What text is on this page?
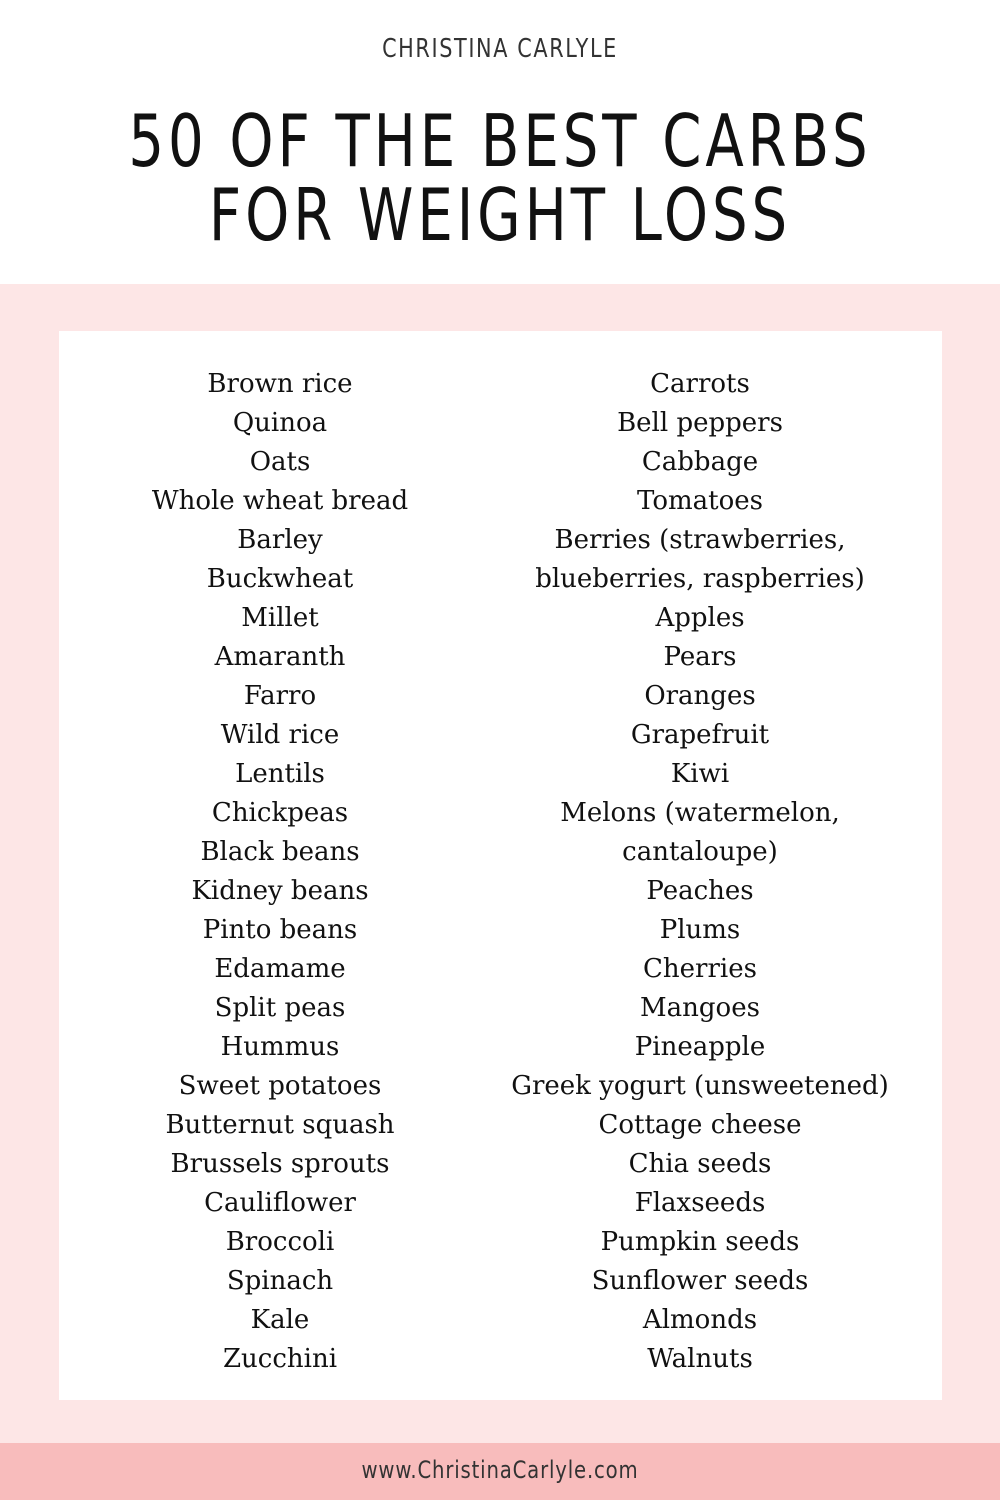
CHRISTINA CARLYLE
50 OF THE BEST CARBS
FOR WEIGHT LOSS
Brown rice
Quinoa
Oats
Whole wheat bread
Barley
Buckwheat
Millet
Amaranth
Farro
Wild rice
Lentils
Chickpeas
Black beans
Kidney beans
Pinto beans
Edamame
Split peas
Hummus
Sweet potatoes
Butternut squash
Brussels sprouts
Cauliflower
Broccoli
Spinach
Kale
Zucchini
Carrots
Bell peppers
Cabbage
Tomatoes
Berries (strawberries, blueberries, raspberries)
Apples
Pears
Oranges
Grapefruit
Kiwi
Melons (watermelon, cantaloupe)
Peaches
Plums
Cherries
Mangoes
Pineapple
Greek yogurt (unsweetened)
Cottage cheese
Chia seeds
Flaxseeds
Pumpkin seeds
Sunflower seeds
Almonds
Walnuts
www.ChristinaCarlyle.com
